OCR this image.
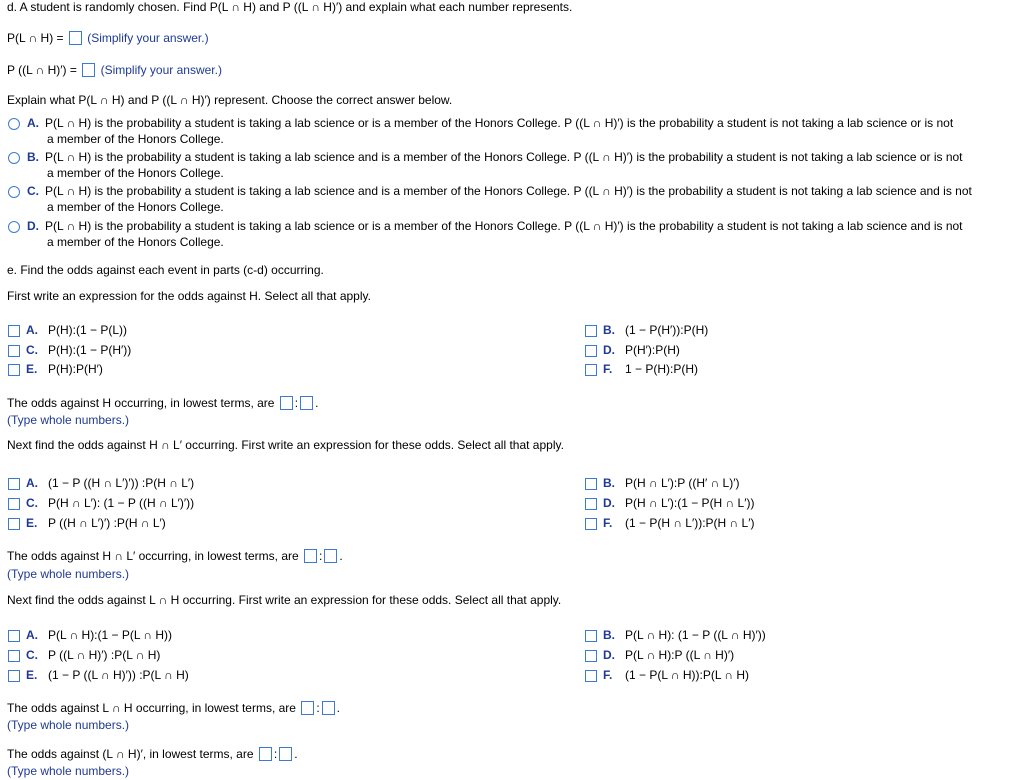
d. A student is randomly chosen. Find P(L ∩ H) and P ((L ∩ H)′) and explain what each number represents.
P(L ∩ H) = (Simplify your answer.)
P ((L ∩ H)′) = (Simplify your answer.)
Explain what P(L ∩ H) and P ((L ∩ H)′) represent. Choose the correct answer below.
A. P(L ∩ H) is the probability a student is taking a lab science or is a member of the Honors College. P ((L ∩ H)′) is the probability a student is not taking a lab science or is not
a member of the Honors College.
B. P(L ∩ H) is the probability a student is taking a lab science and is a member of the Honors College. P ((L ∩ H)′) is the probability a student is not taking a lab science or is not
a member of the Honors College.
C. P(L ∩ H) is the probability a student is taking a lab science and is a member of the Honors College. P ((L ∩ H)′) is the probability a student is not taking a lab science and is not
a member of the Honors College.
D. P(L ∩ H) is the probability a student is taking a lab science or is a member of the Honors College. P ((L ∩ H)′) is the probability a student is not taking a lab science and is not
a member of the Honors College.
e. Find the odds against each event in parts (c-d) occurring.
First write an expression for the odds against H. Select all that apply.
A. P(H):(1 − P(L))
C. P(H):(1 − P(H′))
E. P(H):P(H′)
B. (1 − P(H′)):P(H)
D. P(H′):P(H)
F. 1 − P(H):P(H)
The odds against H occurring, in lowest terms, are : .
(Type whole numbers.)
Next find the odds against H ∩ L′ occurring. First write an expression for these odds. Select all that apply.
A. (1 − P ((H ∩ L′)′)) :P(H ∩ L′)
C. P(H ∩ L′): (1 − P ((H ∩ L′)′))
E. P ((H ∩ L′)′) :P(H ∩ L′)
B. P(H ∩ L′):P ((H′ ∩ L)′)
D. P(H ∩ L′):(1 − P(H ∩ L′))
F. (1 − P(H ∩ L′)):P(H ∩ L′)
The odds against H ∩ L′ occurring, in lowest terms, are : .
(Type whole numbers.)
Next find the odds against L ∩ H occurring. First write an expression for these odds. Select all that apply.
A. P(L ∩ H):(1 − P(L ∩ H))
C. P ((L ∩ H)′) :P(L ∩ H)
E. (1 − P ((L ∩ H)′)) :P(L ∩ H)
B. P(L ∩ H): (1 − P ((L ∩ H)′))
D. P(L ∩ H):P ((L ∩ H)′)
F. (1 − P(L ∩ H)):P(L ∩ H)
The odds against L ∩ H occurring, in lowest terms, are : .
(Type whole numbers.)
The odds against (L ∩ H)′, in lowest terms, are : .
(Type whole numbers.)
